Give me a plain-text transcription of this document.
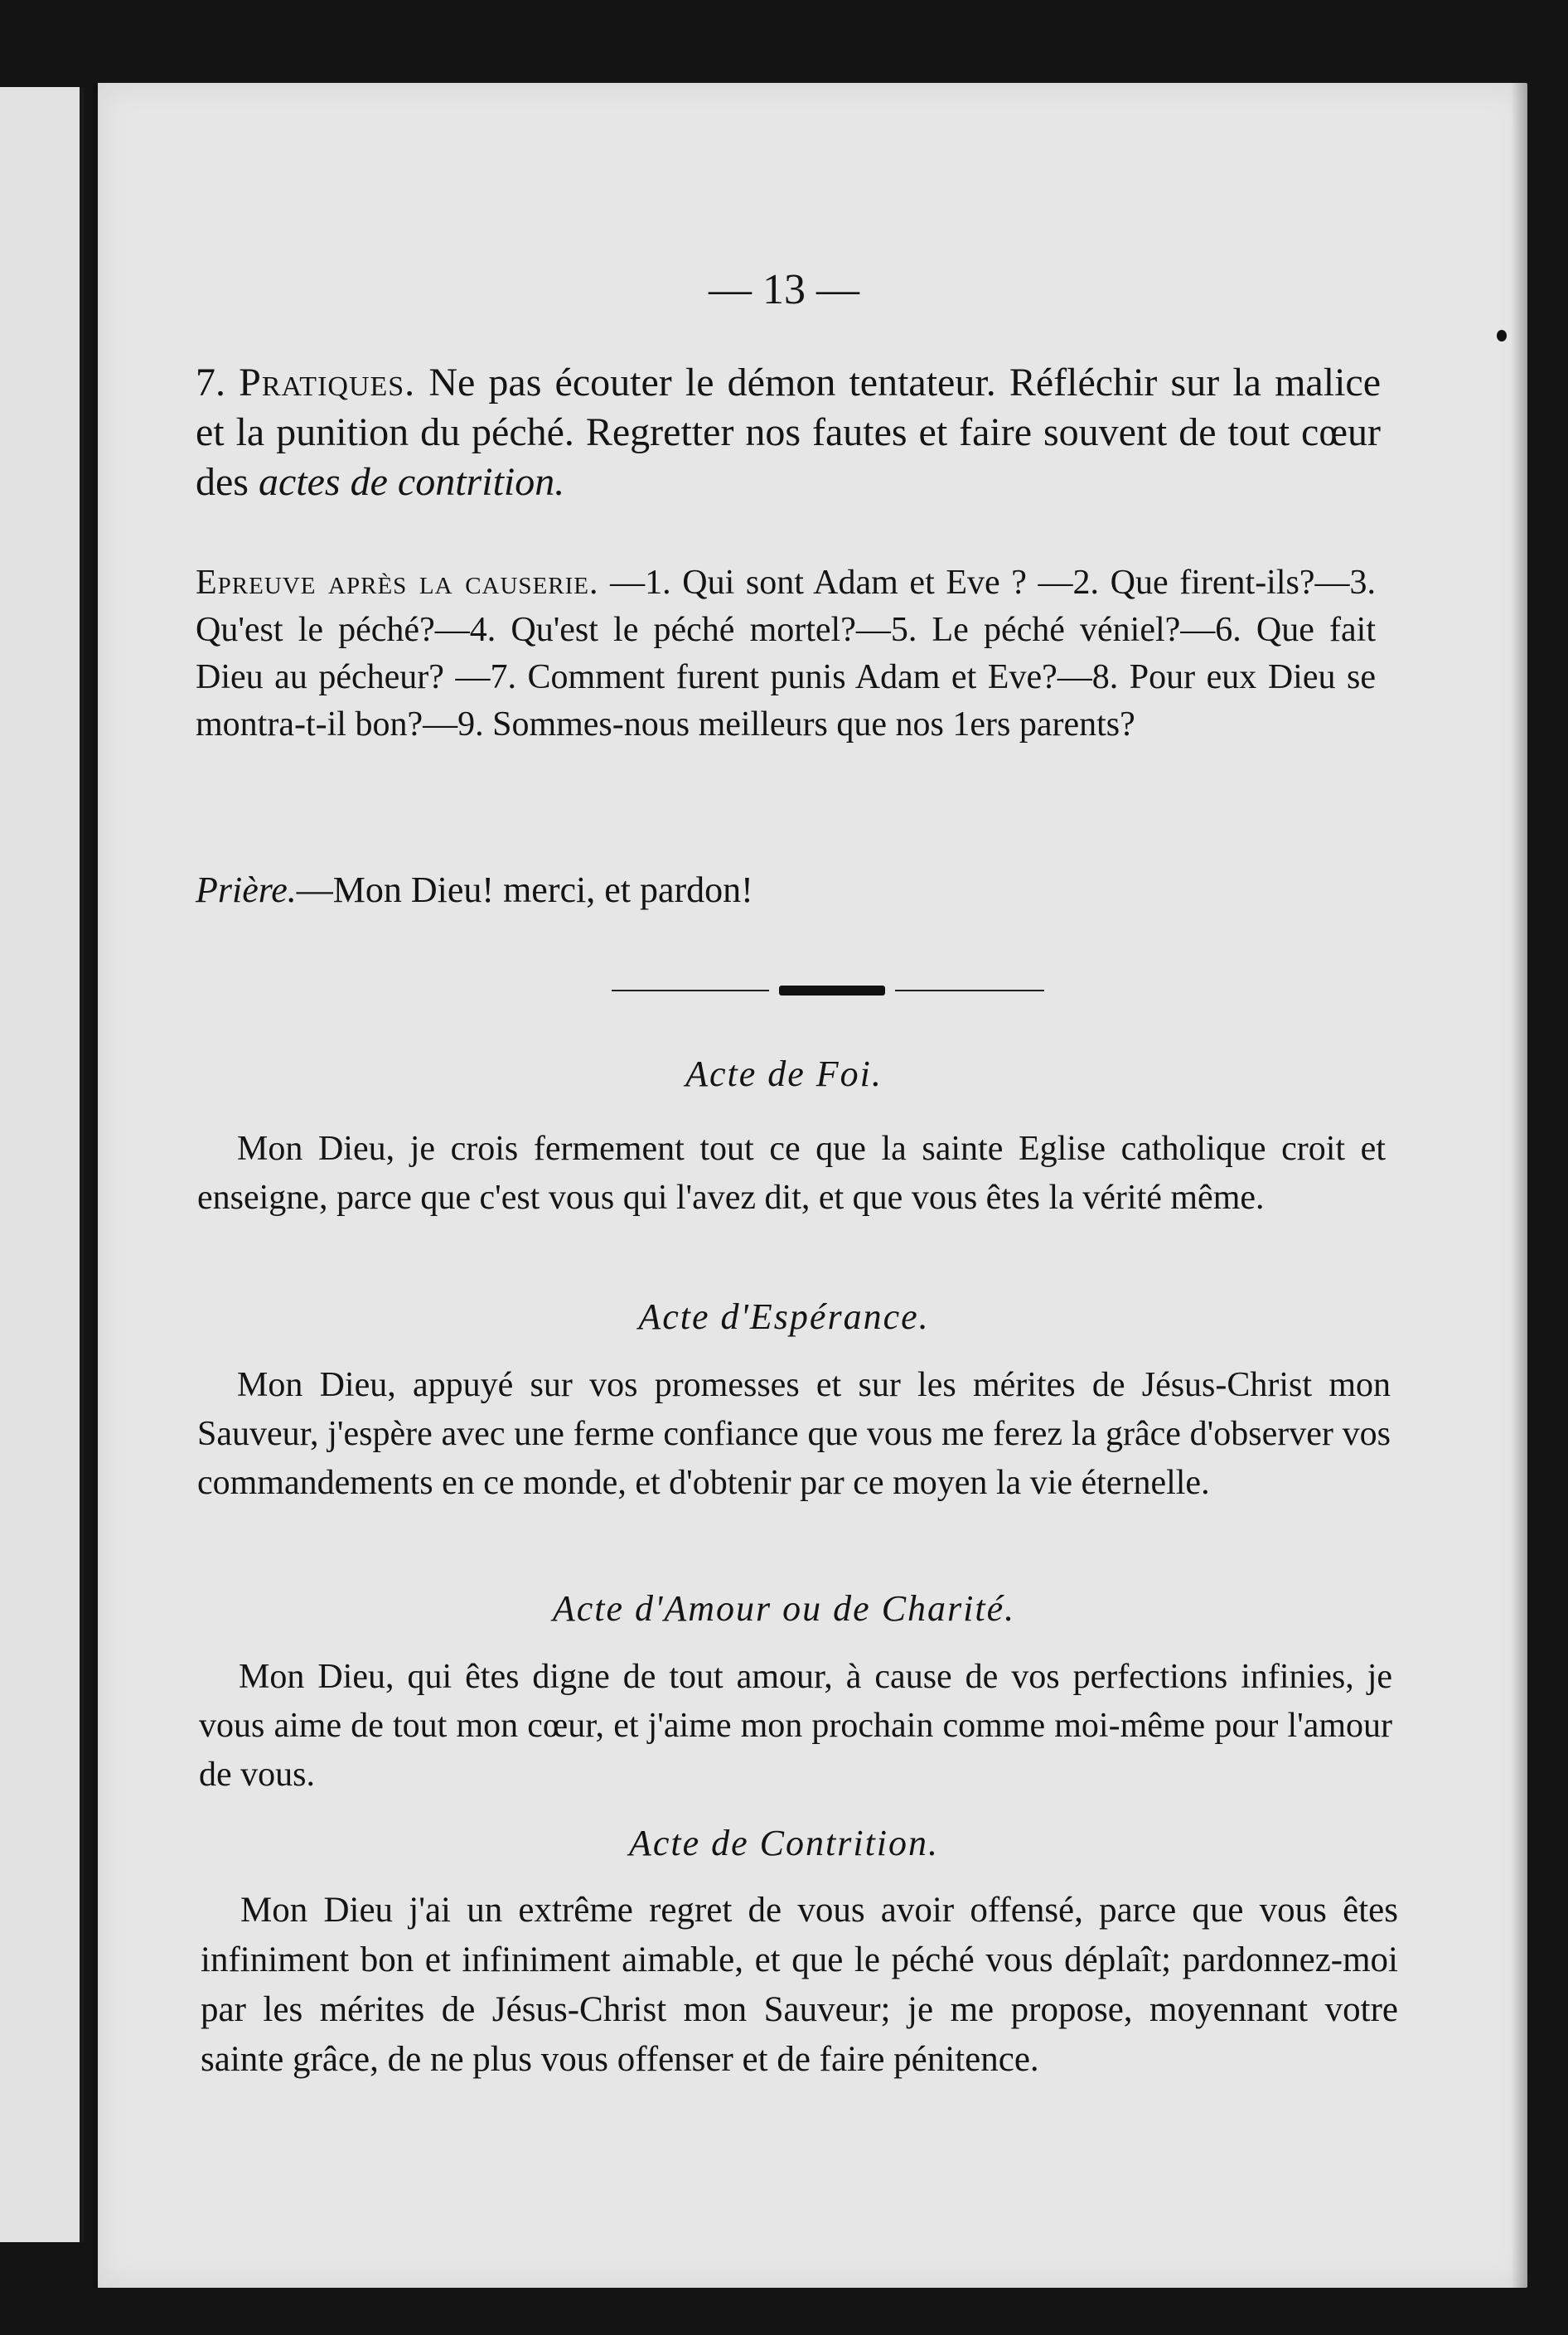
— 13 —

7. Pratiques. Ne pas écouter le démon tentateur. Réfléchir sur la malice et la punition du péché. Regretter nos fautes et faire souvent de tout cœur des actes de contrition.

Epreuve après la causerie. —1. Qui sont Adam et Eve ? —2. Que firent-ils?—3. Qu'est le péché?—4. Qu'est le péché mortel?—5. Le péché véniel?—6. Que fait Dieu au pécheur? —7. Comment furent punis Adam et Eve?—8. Pour eux Dieu se montra-t-il bon?—9. Sommes-nous meilleurs que nos 1ers parents?

Prière.—Mon Dieu! merci, et pardon!

Acte de Foi.

Mon Dieu, je crois fermement tout ce que la sainte Eglise catholique croit et enseigne, parce que c'est vous qui l'avez dit, et que vous êtes la vérité même.

Acte d'Espérance.

Mon Dieu, appuyé sur vos promesses et sur les mérites de Jésus-Christ mon Sauveur, j'espère avec une ferme confiance que vous me ferez la grâce d'observer vos commandements en ce monde, et d'obtenir par ce moyen la vie éternelle.

Acte d'Amour ou de Charité.

Mon Dieu, qui êtes digne de tout amour, à cause de vos perfections infinies, je vous aime de tout mon cœur, et j'aime mon prochain comme moi-même pour l'amour de vous.

Acte de Contrition.

Mon Dieu j'ai un extrême regret de vous avoir offensé, parce que vous êtes infiniment bon et infiniment aimable, et que le péché vous déplaît; pardonnez-moi par les mérites de Jésus-Christ mon Sauveur; je me propose, moyennant votre sainte grâce, de ne plus vous offenser et de faire pénitence.
